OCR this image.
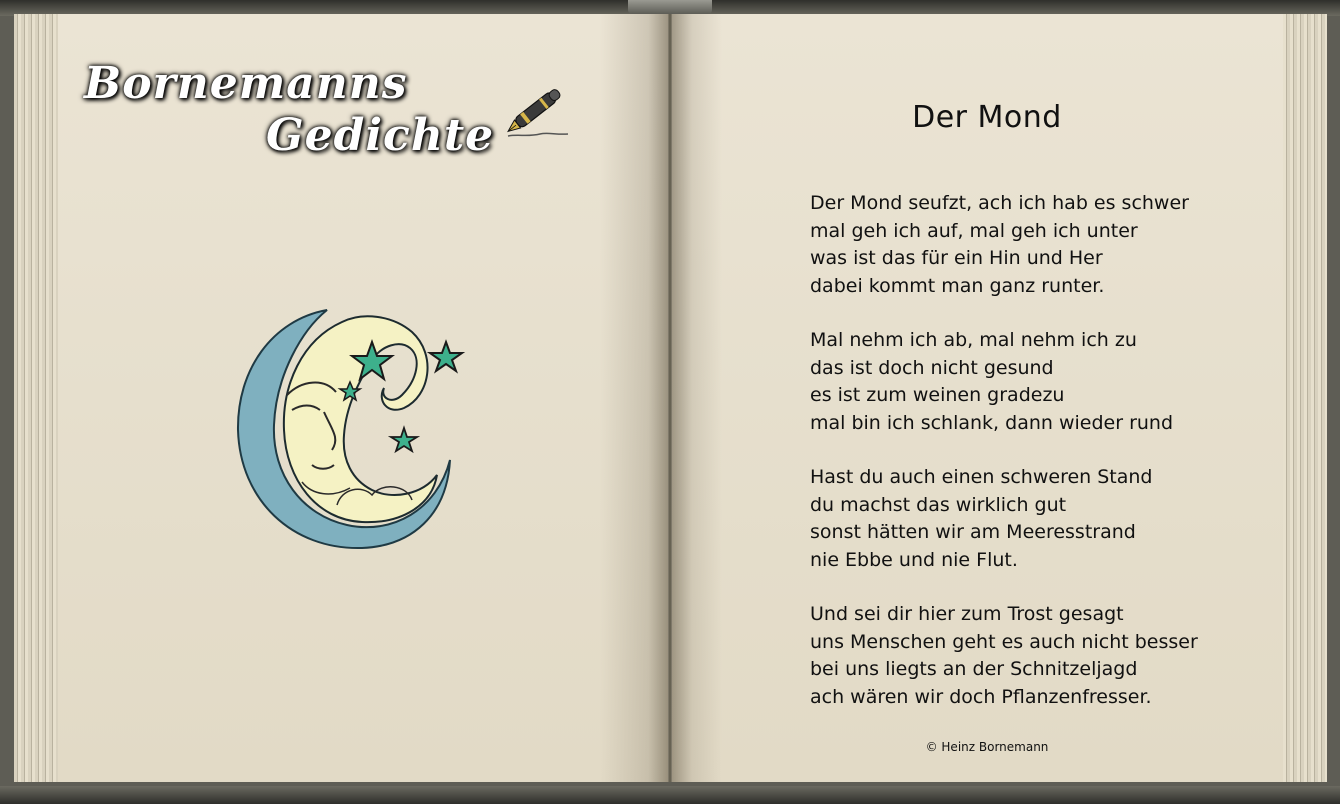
Bornemanns
Gedichte	Der Mond
Der Mond seufzt, ach ich hab es schwer
mal geh ich auf, mal geh ich unter
was ist das für ein Hin und Her
dabei kommt man ganz runter.
Mal nehm ich ab, mal nehm ich zu
das ist doch nicht gesund
es ist zum weinen gradezu
mal bin ich schlank, dann wieder rund
Hast du auch einen schweren Stand
du machst das wirklich gut
sonst hätten wir am Meeresstrand
nie Ebbe und nie Flut.
Und sei dir hier zum Trost gesagt
uns Menschen geht es auch nicht besser
bei uns liegts an der Schnitzeljagd
ach wären wir doch Pflanzenfresser.
© Heinz Bornemann
